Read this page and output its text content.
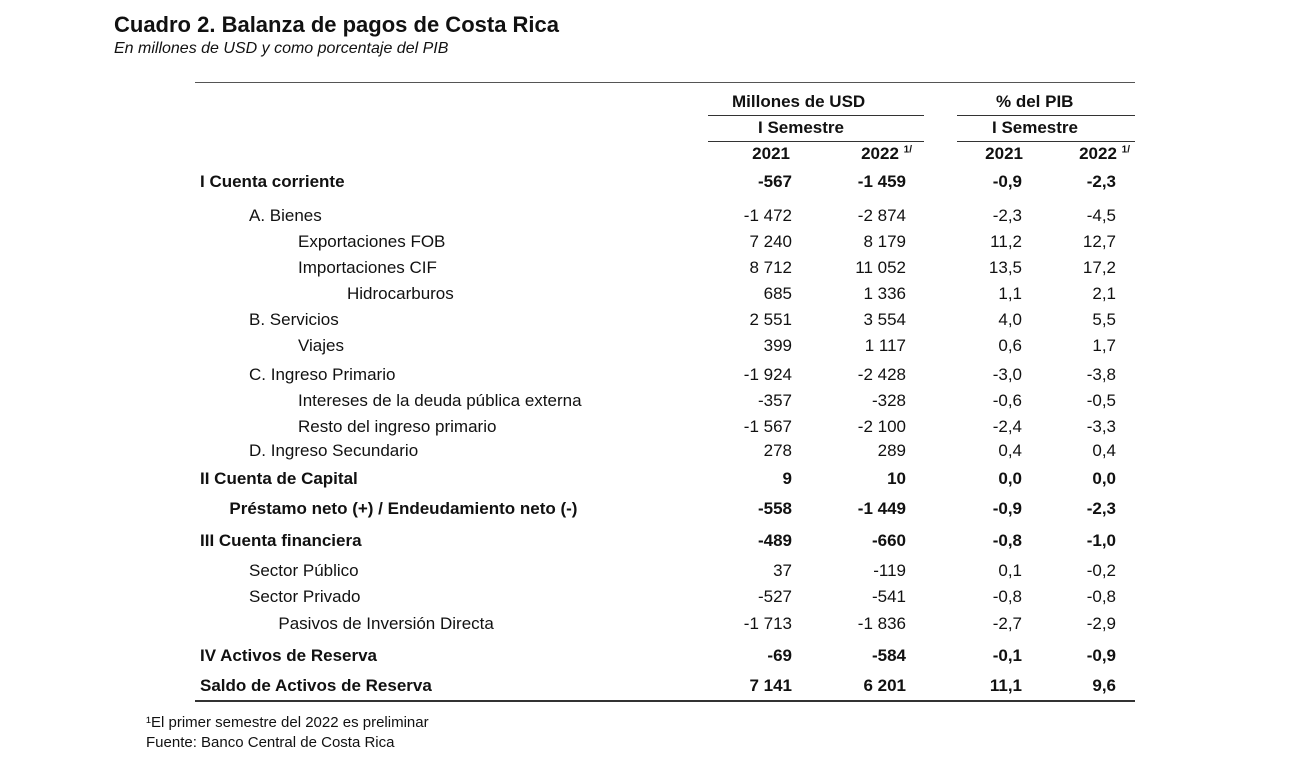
Cuadro 2. Balanza de pagos de Costa Rica
En millones de USD y como porcentaje del PIB
Millones de USD	% del PIB
I Semestre	I Semestre
2021	2022 $^{1/}$	2021	2022 $^{1/}$
I Cuenta corriente	-567	-1 459	-0,9	-2,3
A. Bienes	-1 472	-2 874	-2,3	-4,5
Exportaciones FOB	7 240	8 179	11,2	12,7
Importaciones CIF	8 712	11 052	13,5	17,2
Hidrocarburos	685	1 336	1,1	2,1
B. Servicios	2 551	3 554	4,0	5,5
Viajes	399	1 117	0,6	1,7
C. Ingreso Primario	-1 924	-2 428	-3,0	-3,8
Intereses de la deuda pública externa	-357	-328	-0,6	-0,5
Resto del ingreso primario	-1 567	-2 100	-2,4	-3,3
D. Ingreso Secundario	278	289	0,4	0,4
II Cuenta de Capital	9	10	0,0	0,0
Préstamo neto (+) / Endeudamiento neto (-)	-558	-1 449	-0,9	-2,3
III Cuenta financiera	-489	-660	-0,8	-1,0
Sector Público	37	-119	0,1	-0,2
Sector Privado	-527	-541	-0,8	-0,8
Pasivos de Inversión Directa	-1 713	-1 836	-2,7	-2,9
IV Activos de Reserva	-69	-584	-0,1	-0,9
Saldo de Activos de Reserva	7 141	6 201	11,1	9,6
¹El primer semestre del 2022 es preliminar
Fuente: Banco Central de Costa Rica
